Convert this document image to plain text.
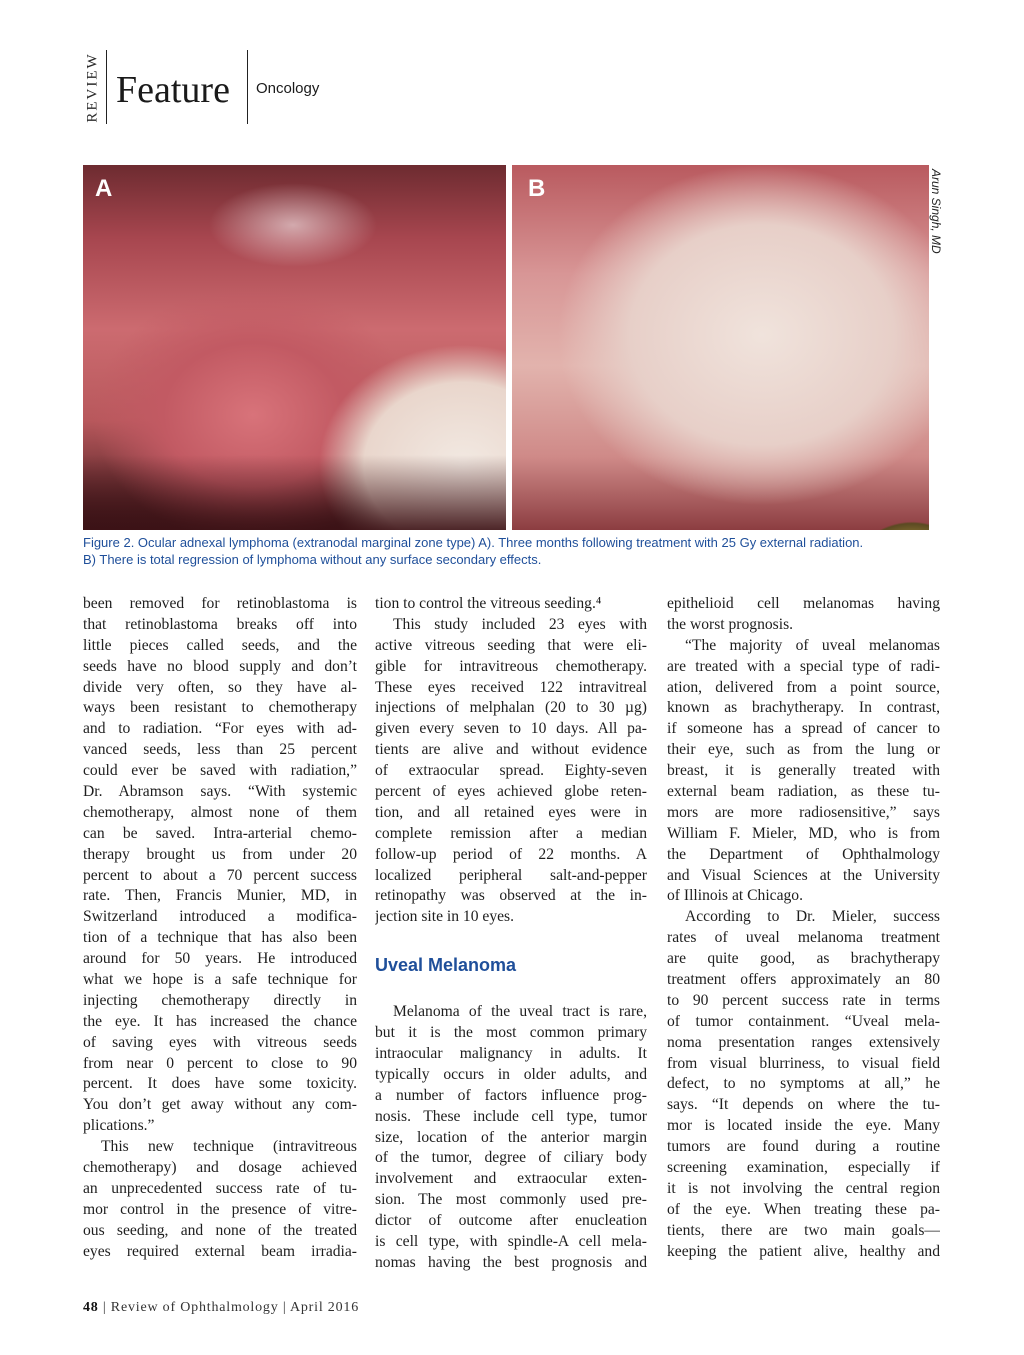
REVIEW Feature Oncology
A	B	Arun Singh, MD
Figure 2. Ocular adnexal lymphoma (extranodal marginal zone type) A). Three months following treatment with 25 Gy external radiation.
B) There is total regression of lymphoma without any surface secondary effects.
been removed for retinoblastoma is
that retinoblastoma breaks off into
little pieces called seeds, and the
seeds have no blood supply and don’t
divide very often, so they have al-
ways been resistant to chemotherapy
and to radiation. “For eyes with ad-
vanced seeds, less than 25 percent
could ever be saved with radiation,”
Dr. Abramson says. “With systemic
chemotherapy, almost none of them
can be saved. Intra-arterial chemo-
therapy brought us from under 20
percent to about a 70 percent success
rate. Then, Francis Munier, MD, in
Switzerland introduced a modifica-
tion of a technique that has also been
around for 50 years. He introduced
what we hope is a safe technique for
injecting chemotherapy directly in
the eye. It has increased the chance
of saving eyes with vitreous seeds
from near 0 percent to close to 90
percent. It does have some toxicity.
You don’t get away without any com-
plications.”
This new technique (intravitreous
chemotherapy) and dosage achieved
an unprecedented success rate of tu-
mor control in the presence of vitre-
ous seeding, and none of the treated
eyes required external beam irradia-
tion to control the vitreous seeding.⁴
This study included 23 eyes with
active vitreous seeding that were eli-
gible for intravitreous chemotherapy.
These eyes received 122 intravitreal
injections of melphalan (20 to 30 µg)
given every seven to 10 days. All pa-
tients are alive and without evidence
of extraocular spread. Eighty-seven
percent of eyes achieved globe reten-
tion, and all retained eyes were in
complete remission after a median
follow-up period of 22 months. A
localized peripheral salt-and-pepper
retinopathy was observed at the in-
jection site in 10 eyes.
Uveal Melanoma
Melanoma of the uveal tract is rare,
but it is the most common primary
intraocular malignancy in adults. It
typically occurs in older adults, and
a number of factors influence prog-
nosis. These include cell type, tumor
size, location of the anterior margin
of the tumor, degree of ciliary body
involvement and extraocular exten-
sion. The most commonly used pre-
dictor of outcome after enucleation
is cell type, with spindle-A cell mela-
nomas having the best prognosis and
epithelioid cell melanomas having
the worst prognosis.
“The majority of uveal melanomas
are treated with a special type of radi-
ation, delivered from a point source,
known as brachytherapy. In contrast,
if someone has a spread of cancer to
their eye, such as from the lung or
breast, it is generally treated with
external beam radiation, as these tu-
mors are more radiosensitive,” says
William F. Mieler, MD, who is from
the Department of Ophthalmology
and Visual Sciences at the University
of Illinois at Chicago.
According to Dr. Mieler, success
rates of uveal melanoma treatment
are quite good, as brachytherapy
treatment offers approximately an 80
to 90 percent success rate in terms
of tumor containment. “Uveal mela-
noma presentation ranges extensively
from visual blurriness, to visual field
defect, to no symptoms at all,” he
says. “It depends on where the tu-
mor is located inside the eye. Many
tumors are found during a routine
screening examination, especially if
it is not involving the central region
of the eye. When treating these pa-
tients, there are two main goals—
keeping the patient alive, healthy and
48 | Review of Ophthalmology | April 2016
